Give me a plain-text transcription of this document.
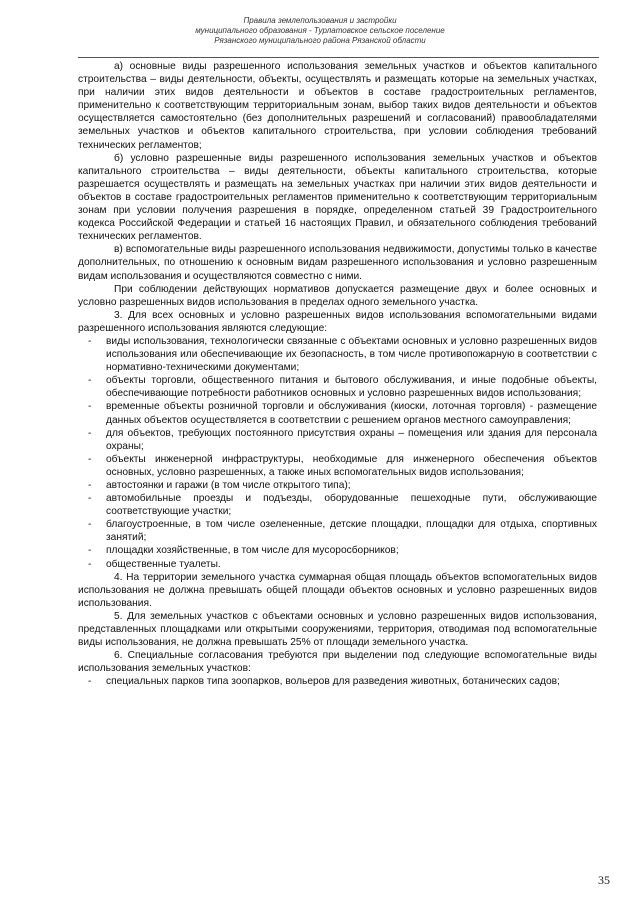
Правила землепользования и застройки
муниципального образования - Турлатовское сельское поселение
Рязанского муниципального района Рязанской области

а) основные виды разрешенного использования земельных участков и объектов капитального строительства – виды деятельности, объекты, осуществлять и размещать которые на земельных участках, при наличии этих видов деятельности и объектов в составе градостроительных регламентов, применительно к соответствующим территориальным зонам, выбор таких видов деятельности и объектов осуществляется самостоятельно (без дополнительных разрешений и согласований) правообладателями земельных участков и объектов капитального строительства, при условии соблюдения требований технических регламентов;

б) условно разрешенные виды разрешенного использования земельных участков и объектов капитального строительства – виды деятельности, объекты капитального строительства, которые разрешается осуществлять и размещать на земельных участках при наличии этих видов деятельности и объектов в составе градостроительных регламентов применительно к соответствующим территориальным зонам при условии получения разрешения в порядке, определенном статьей 39 Градостроительного кодекса Российской Федерации и статьей 16 настоящих Правил, и обязательного соблюдения требований технических регламентов.

в) вспомогательные виды разрешенного использования недвижимости, допустимы только в качестве дополнительных, по отношению к основным видам разрешенного использования и условно разрешенным видам использования и осуществляются совместно с ними.

При соблюдении действующих нормативов допускается размещение двух и более основных и условно разрешенных видов использования в пределах одного земельного участка.

3. Для всех основных и условно разрешенных видов использования вспомогательными видами разрешенного использования являются следующие:

- виды использования, технологически связанные с объектами основных и условно разрешенных видов использования или обеспечивающие их безопасность, в том числе противопожарную в соответствии с нормативно-техническими документами;

- объекты торговли, общественного питания и бытового обслуживания, и иные подобные объекты, обеспечивающие потребности работников основных и условно разрешенных видов использования;

- временные объекты розничной торговли и обслуживания (киоски, лоточная торговля) - размещение данных объектов осуществляется в соответствии с решением органов местного самоуправления;

- для объектов, требующих постоянного присутствия охраны – помещения или здания для персонала охраны;

- объекты инженерной инфраструктуры, необходимые для инженерного обеспечения объектов основных, условно разрешенных, а также иных вспомогательных видов использования;

- автостоянки и гаражи (в том числе открытого типа);

- автомобильные проезды и подъезды, оборудованные пешеходные пути, обслуживающие соответствующие участки;

- благоустроенные, в том числе озелененные, детские площадки, площадки для отдыха, спортивных занятий;

- площадки хозяйственные, в том числе для мусоросборников;

- общественные туалеты.

4. На территории земельного участка суммарная общая площадь объектов вспомогательных видов использования не должна превышать общей площади объектов основных и условно разрешенных видов использования.

5. Для земельных участков с объектами основных и условно разрешенных видов использования, представленных площадками или открытыми сооружениями, территория, отводимая под вспомогательные виды использования, не должна превышать 25% от площади земельного участка.

6. Специальные согласования требуются при выделении под следующие вспомогательные виды использования земельных участков:

- специальных парков типа зоопарков, вольеров для разведения животных, ботанических садов;

35
